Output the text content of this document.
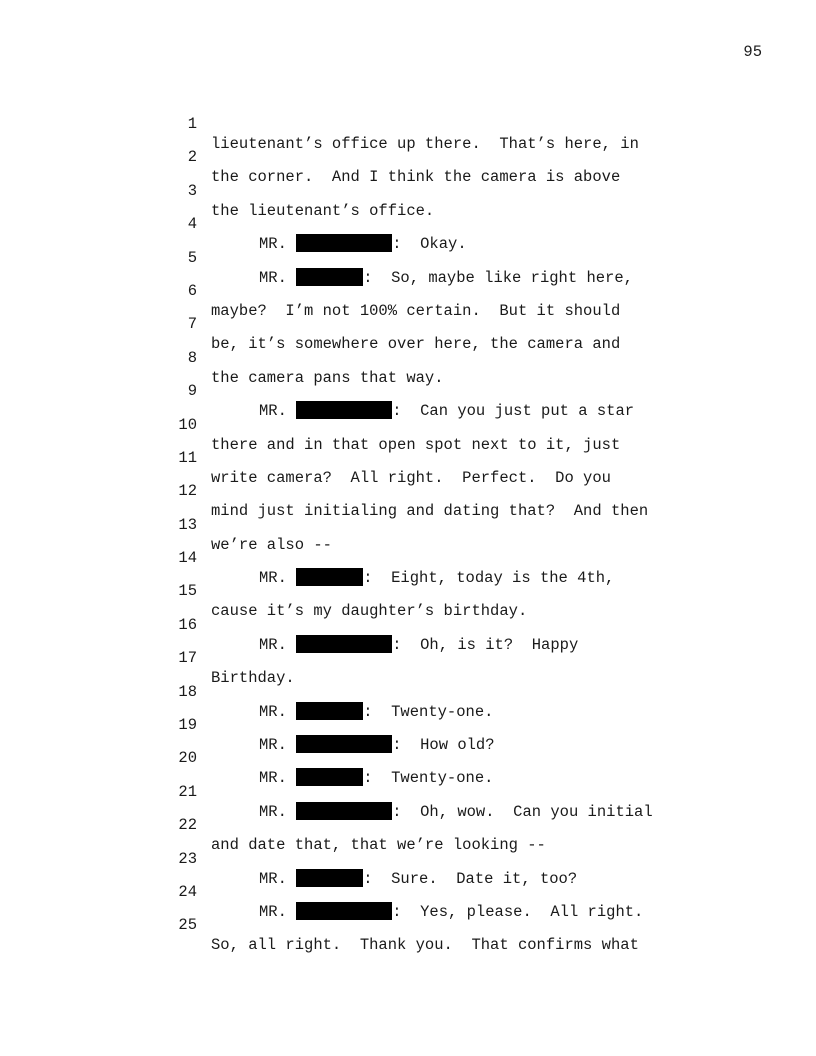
95

1

lieutenant’s office up there.  That’s here, in

2

the corner.  And I think the camera is above

3

the lieutenant’s office.

4

MR.	:  Okay.

5

MR.	:  So, maybe like right here,

6

maybe?  I’m not 100% certain.  But it should

7

be, it’s somewhere over here, the camera and

8

the camera pans that way.

9

MR.	:  Can you just put a star

10

there and in that open spot next to it, just

11

write camera?  All right.  Perfect.  Do you

12

mind just initialing and dating that?  And then

13

we’re also --

14

MR.	:  Eight, today is the 4th,

15

cause it’s my daughter’s birthday.

16

MR.	:  Oh, is it?  Happy

17

Birthday.

18

MR.	:  Twenty-one.

19

MR.	:  How old?

20

MR.	:  Twenty-one.

21

MR.	:  Oh, wow.  Can you initial

22

and date that, that we’re looking --

23

MR.	:  Sure.  Date it, too?

24

MR.	:  Yes, please.  All right.

25

So, all right.  Thank you.  That confirms what
